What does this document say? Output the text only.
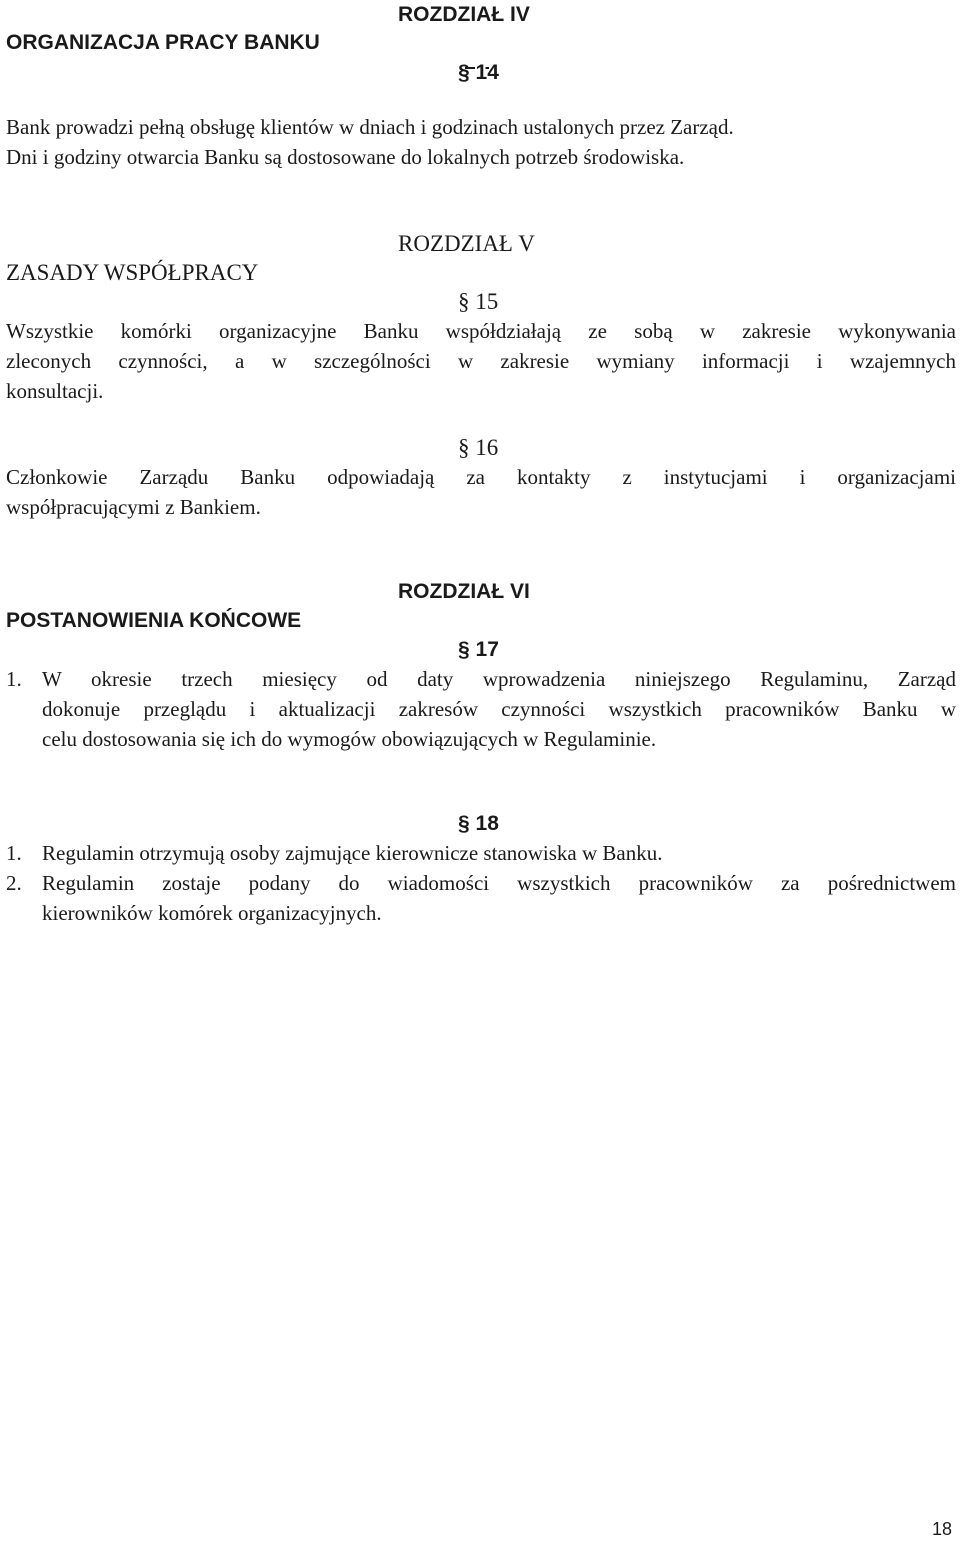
ROZDZIAŁ IV
ORGANIZACJA PRACY BANKU
§ 14
Bank prowadzi pełną obsługę klientów w dniach i godzinach ustalonych przez Zarząd.
Dni i godziny otwarcia Banku są dostosowane do lokalnych potrzeb środowiska.
ROZDZIAŁ V
ZASADY WSPÓŁPRACY
§ 15
Wszystkie komórki organizacyjne Banku współdziałają ze sobą w zakresie wykonywania
zleconych czynności, a w szczególności w zakresie wymiany informacji i wzajemnych
konsultacji.
§ 16
Członkowie Zarządu Banku odpowiadają za kontakty z instytucjami i organizacjami
współpracującymi z Bankiem.
ROZDZIAŁ VI
POSTANOWIENIA KOŃCOWE
§ 17
1. W okresie trzech miesięcy od daty wprowadzenia niniejszego Regulaminu, Zarząd
dokonuje przeglądu i aktualizacji zakresów czynności wszystkich pracowników Banku w
celu dostosowania się ich do wymogów obowiązujących w Regulaminie.
§ 18
1. Regulamin otrzymują osoby zajmujące kierownicze stanowiska w Banku.
2. Regulamin zostaje podany do wiadomości wszystkich pracowników za pośrednictwem
kierowników komórek organizacyjnych.
18
